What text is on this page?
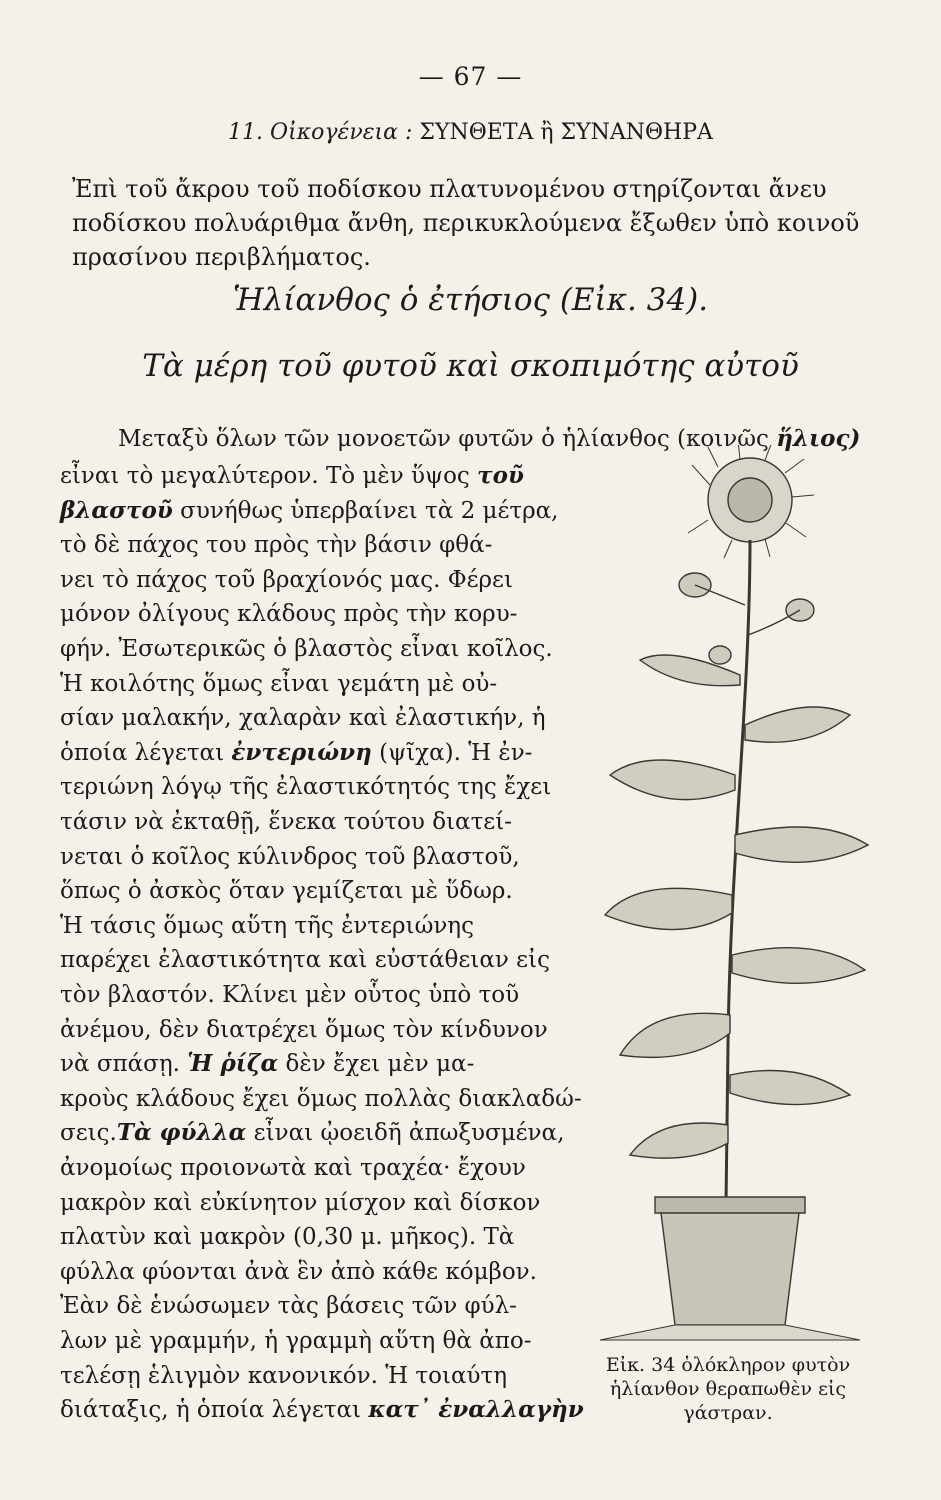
— 67 —
11. Οἰκογένεια : ΣΥΝΘΕΤΑ ἢ ΣΥΝΑΝΘΗΡΑ
Ἐπὶ τοῦ ἄκρου τοῦ ποδίσκου πλατυνομένου στηρίζονται ἄνευ
ποδίσκου πολυάριθμα ἄνθη, περικυκλούμενα ἔξωθεν ὑπὸ κοινοῦ
πρασίνου περιβλήματος.
Ἡλίανθος ὁ ἐτήσιος (Εἰκ. 34).
Τὰ μέρη τοῦ φυτοῦ καὶ σκοπιμότης αὐτοῦ
Μεταξὺ ὅλων τῶν μονοετῶν φυτῶν ὁ ἡλίανθος (κοινῶς ἥλιος)
εἶναι τὸ μεγαλύτερον. Τὸ μὲν ὕψος τοῦ
βλαστοῦ συνήθως ὑπερβαίνει τὰ 2 μέτρα,
τὸ δὲ πάχος του πρὸς τὴν βάσιν φθά-
νει τὸ πάχος τοῦ βραχίονός μας. Φέρει
μόνον ὀλίγους κλάδους πρὸς τὴν κορυ-
φήν. Ἐσωτερικῶς ὁ βλαστὸς εἶναι κοῖλος.
Ἡ κοιλότης ὅμως εἶναι γεμάτη μὲ οὐ-
σίαν μαλακήν, χαλαρὰν καὶ ἐλαστικήν, ἡ
ὁποία λέγεται ἐντεριώνη (ψῖχα). Ἡ ἐν-
τεριώνη λόγῳ τῆς ἐλαστικότητός της ἔχει
τάσιν νὰ ἐκταθῇ, ἕνεκα τούτου διατεί-
νεται ὁ κοῖλος κύλινδρος τοῦ βλαστοῦ,
ὅπως ὁ ἀσκὸς ὅταν γεμίζεται μὲ ὕδωρ.
Ἡ τάσις ὅμως αὕτη τῆς ἐντεριώνης
παρέχει ἐλαστικότητα καὶ εὐστάθειαν εἰς
τὸν βλαστόν. Κλίνει μὲν οὗτος ὑπὸ τοῦ
ἀνέμου, δὲν διατρέχει ὅμως τὸν κίνδυνον
νὰ σπάσῃ. Ἡ ῥίζα δὲν ἔχει μὲν μα-
κροὺς κλάδους ἔχει ὅμως πολλὰς διακλαδώ-
σεις.Τὰ φύλλα εἶναι ᾠοειδῆ ἀπωξυσμένα,
ἀνομοίως προιονωτὰ καὶ τραχέα· ἔχουν
μακρὸν καὶ εὐκίνητον μίσχον καὶ δίσκον
πλατὺν καὶ μακρὸν (0,30 μ. μῆκος). Τὰ
φύλλα φύονται ἀνὰ ἓν ἀπὸ κάθε κόμβον.
Ἐὰν δὲ ἑνώσωμεν τὰς βάσεις τῶν φύλ-
λων μὲ γραμμήν, ἡ γραμμὴ αὕτη θὰ ἀπο-
τελέσῃ ἑλιγμὸν κανονικόν. Ἡ τοιαύτη
διάταξις, ἡ ὁποία λέγεται κατ᾽ ἐναλλαγὴν
Εἰκ. 34 ὁλόκληρον φυτὸν
ἡλίανθον θεραπωθὲν εἰς
γάστραν.
